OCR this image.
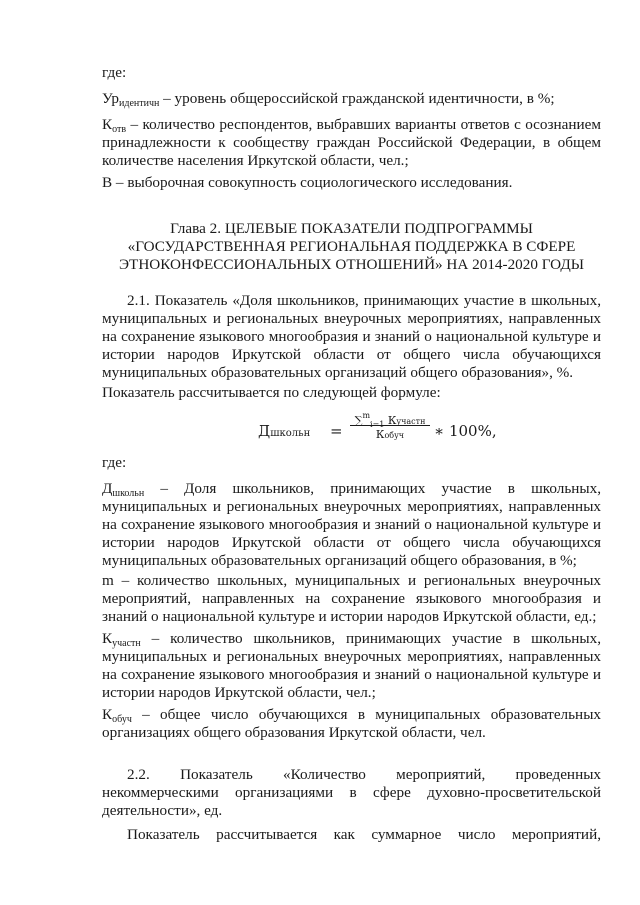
где:
$Ур_{идентичн}$ – уровень общероссийской гражданской идентичности, в %;
$К_{отв}$ – количество респондентов, выбравших варианты ответов с осознанием принадлежности к сообществу граждан Российской Федерации, в общем количестве населения Иркутской области, чел.;
В – выборочная совокупность социологического исследования.
Глава 2. ЦЕЛЕВЫЕ ПОКАЗАТЕЛИ ПОДПРОГРАММЫ
«ГОСУДАРСТВЕННАЯ РЕГИОНАЛЬНАЯ ПОДДЕРЖКА В СФЕРЕ
ЭТНОКОНФЕССИОНАЛЬНЫХ ОТНОШЕНИЙ» НА 2014-2020 ГОДЫ
2.1. Показатель «Доля школьников, принимающих участие в школьных, муниципальных и региональных внеурочных мероприятиях, направленных на сохранение языкового многообразия и знаний о национальной культуре и истории народов Иркутской области от общего числа обучающихся муниципальных образовательных организаций общего образования», %.
Показатель рассчитывается по следующей формуле:
Дшкольн =
∑$^m_{i=1}$ Кучастн
Кобуч	∗ 100%,
где:
$Д_{школьн}$ – Доля школьников, принимающих участие в школьных, муниципальных и региональных внеурочных мероприятиях, направленных на сохранение языкового многообразия и знаний о национальной культуре и истории народов Иркутской области от общего числа обучающихся муниципальных образовательных организаций общего образования, в %;
m – количество школьных, муниципальных и региональных внеурочных мероприятий, направленных на сохранение языкового многообразия и знаний о национальной культуре и истории народов Иркутской области, ед.;
$К_{участн}$ – количество школьников, принимающих участие в школьных, муниципальных и региональных внеурочных мероприятиях, направленных на сохранение языкового многообразия и знаний о национальной культуре и истории народов Иркутской области, чел.;
$К_{обуч}$ – общее число обучающихся в муниципальных образовательных организациях общего образования Иркутской области, чел.
2.2. Показатель «Количество мероприятий, проведенных некоммерческими организациями в сфере духовно-просветительской деятельности», ед.
Показатель рассчитывается как суммарное число мероприятий,
